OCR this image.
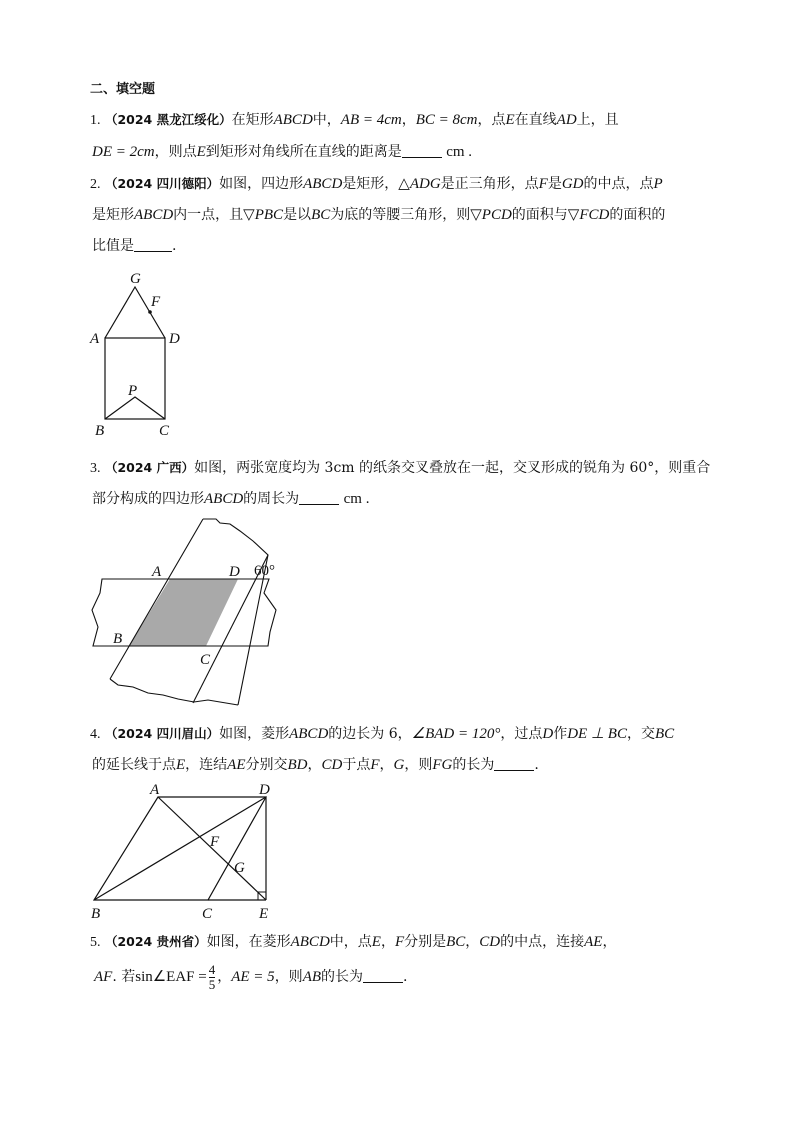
二、填空题
1. （2024 黑龙江绥化）在矩形ABCD中，AB = 4cm，BC = 8cm，点E在直线AD上，且
DE = 2cm，则点E到矩形对角线所在直线的距离是	cm .
2. （2024 四川德阳）如图，四边形ABCD是矩形，△ADG是正三角形，点F是GD的中点，点P
是矩形ABCD内一点，且▽PBC是以BC为底的等腰三角形，则▽PCD的面积与▽FCD的面积的
比值是	.
G
F
A	D
P
B	C
3. （2024 广西）如图，两张宽度均为 3cm 的纸条交叉叠放在一起，交叉形成的锐角为 60°，则重合
部分构成的四边形ABCD的周长为	cm .
A	D 60°
B
C
4. （2024 四川眉山）如图，菱形ABCD的边长为 6，∠BAD = 120°，过点D作DE ⊥ BC，交BC
的延长线于点E，连结AE分别交BD，CD于点F，G，则FG的长为	.
A	D
F
G
B	C	E
5. （2024 贵州省）如图，在菱形ABCD中，点E，F分别是BC，CD的中点，连接AE，
AF. 若sin∠EAF = $\frac{4}{5}$ ，AE = 5，则AB的长为	.
